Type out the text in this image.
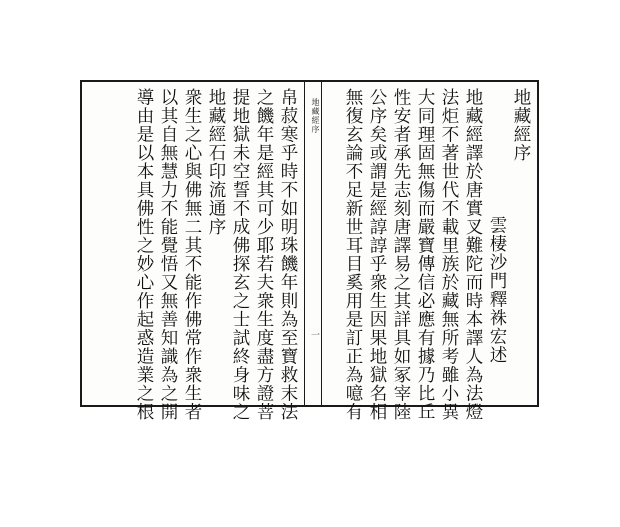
地藏經序
雲棲沙門釋袾宏述
地藏經譯於唐實叉難陀而時本譯人為法燈
法炬不著世代不載里族於藏無所考雖小異
大同理固無傷而嚴寶傳信必應有據乃比丘
性安者承先志刻唐譯易之其詳具如冢宰陸
公序矣或謂是經諄諄乎衆生因果地獄名相
無復玄論不足新世耳目奚用是訂正為噫有
地藏經序
一
帛菽寒乎時不如明珠饑年則為至寶救末法
之饑年是經其可少耶若夫衆生度盡方證菩
提地獄未空誓不成佛探玄之士試終身味之
地藏經石印流通序
衆生之心與佛無二其不能作佛常作衆生者
以其自無慧力不能覺悟又無善知識為之開
導由是以本具佛性之妙心作起惑造業之根
